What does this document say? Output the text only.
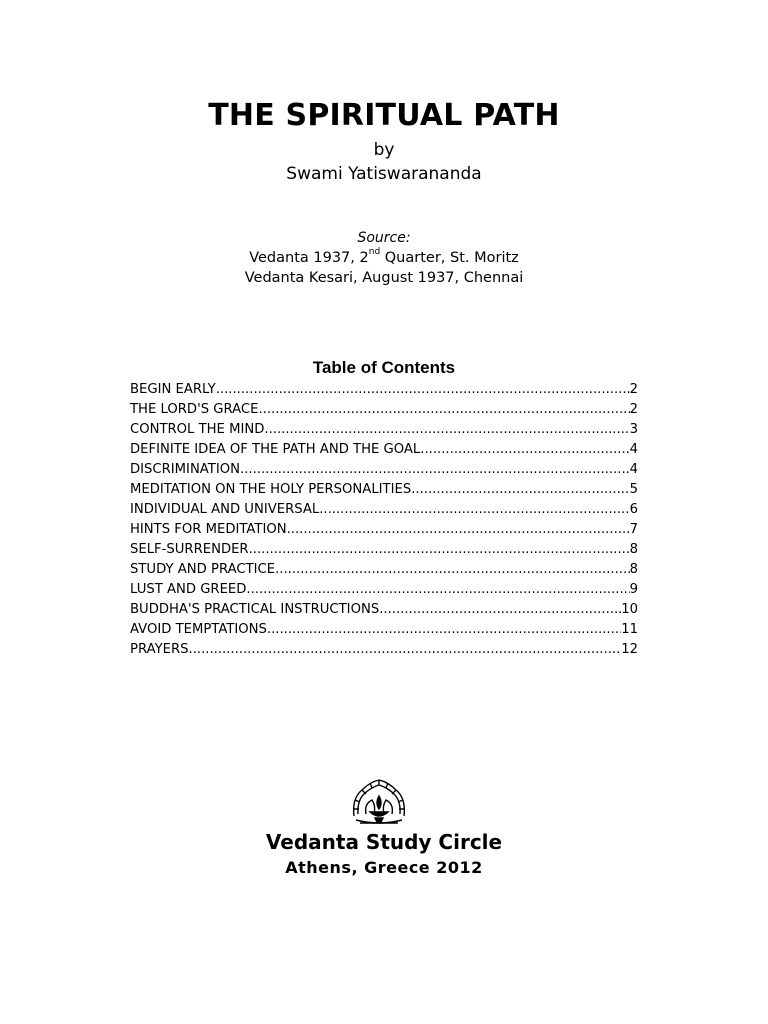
THE SPIRITUAL PATH
by
Swami Yatiswarananda
Source:
Vedanta 1937, 2nd Quarter, St. Moritz
Vedanta Kesari, August 1937, Chennai
Table of Contents
BEGIN EARLY .....	2
THE LORD'S GRACE .....	2
CONTROL THE MIND .....	3
DEFINITE IDEA OF THE PATH AND THE GOAL .....	4
DISCRIMINATION .....	4
MEDITATION ON THE HOLY PERSONALITIES .....	5
INDIVIDUAL AND UNIVERSAL .....	6
HINTS FOR MEDITATION .....	7
SELF-SURRENDER .....	8
STUDY AND PRACTICE .....	8
LUST AND GREED .....	9
BUDDHA'S PRACTICAL INSTRUCTIONS .....	10
AVOID TEMPTATIONS .....	11
PRAYERS .....	12
Vedanta Study Circle
Athens, Greece 2012
